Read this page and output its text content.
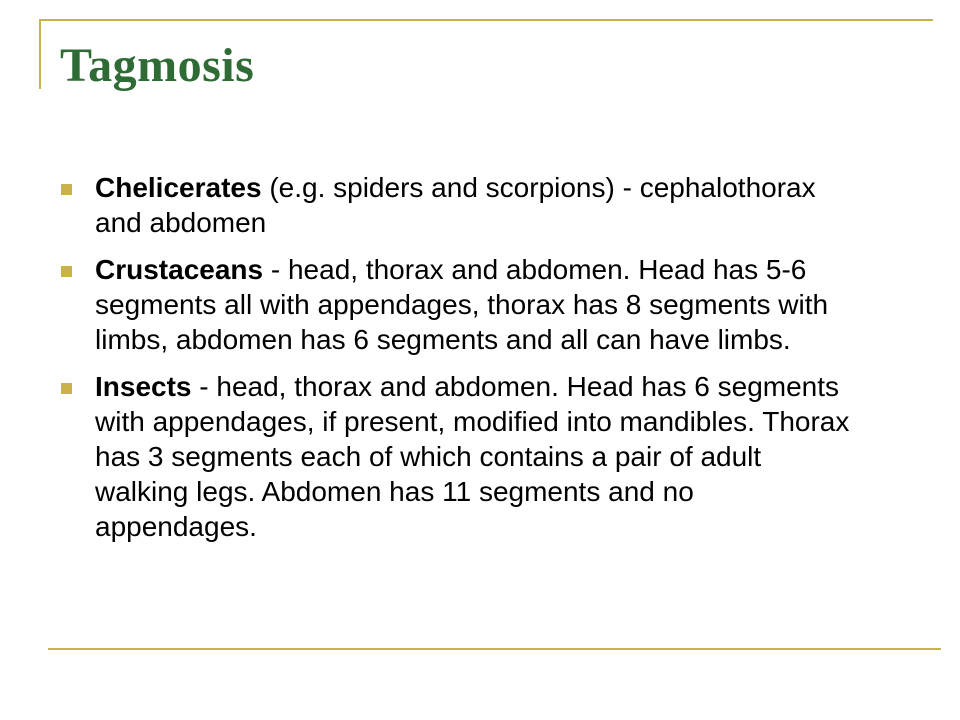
Tagmosis
Chelicerates (e.g. spiders and scorpions) - cephalothorax and abdomen
Crustaceans - head, thorax and abdomen. Head has 5-6 segments all with appendages, thorax has 8 segments with limbs, abdomen has 6 segments and all can have limbs.
Insects - head, thorax and abdomen. Head has 6 segments with appendages, if present, modified into mandibles. Thorax has 3 segments each of which contains a pair of adult walking legs. Abdomen has 11 segments and no appendages.
